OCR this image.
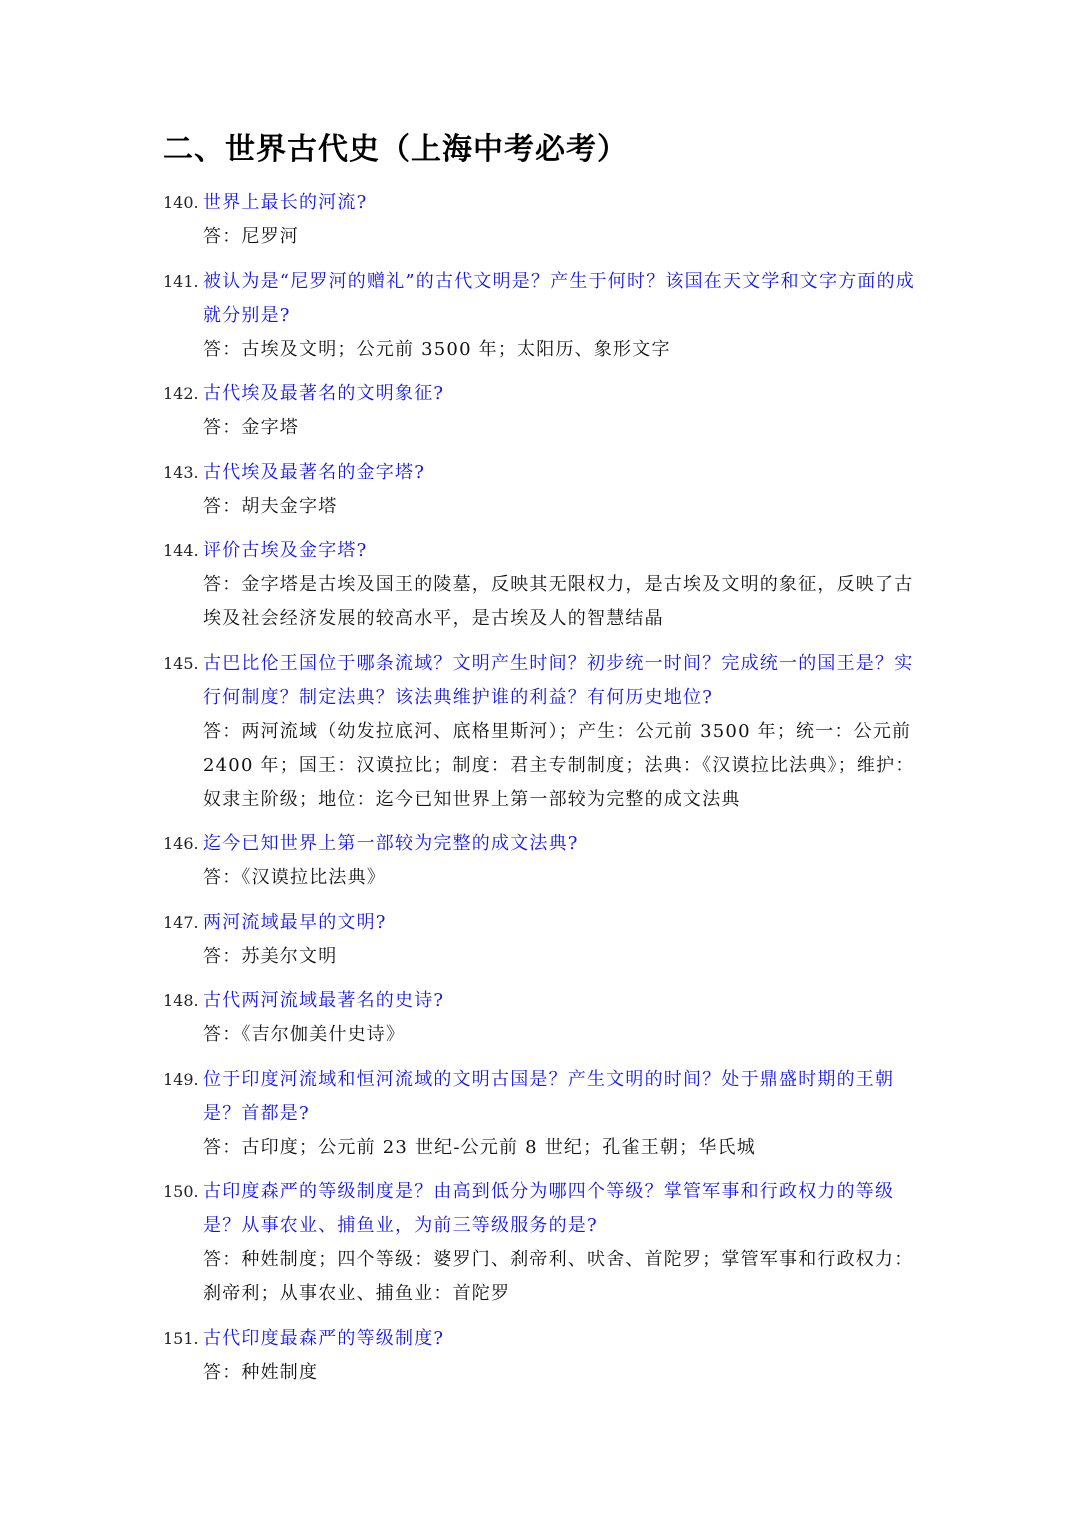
二、世界古代史（上海中考必考）
140. 世界上最长的河流?
答：尼罗河
141. 被认为是“尼罗河的赠礼”的古代文明是？产生于何时？该国在天文学和文字方面的成就分别是?
答：古埃及文明；公元前 3500 年；太阳历、象形文字
142. 古代埃及最著名的文明象征?
答：金字塔
143. 古代埃及最著名的金字塔?
答：胡夫金字塔
144. 评价古埃及金字塔?
答：金字塔是古埃及国王的陵墓，反映其无限权力，是古埃及文明的象征，反映了古埃及社会经济发展的较高水平，是古埃及人的智慧结晶
145. 古巴比伦王国位于哪条流域？文明产生时间？初步统一时间？完成统一的国王是？实行何制度？制定法典？该法典维护谁的利益？有何历史地位?
答：两河流域（幼发拉底河、底格里斯河）；产生：公元前 3500 年；统一：公元前 2400 年；国王：汉谟拉比；制度：君主专制制度；法典：《汉谟拉比法典》；维护：奴隶主阶级；地位：迄今已知世界上第一部较为完整的成文法典
146. 迄今已知世界上第一部较为完整的成文法典?
答：《汉谟拉比法典》
147. 两河流域最早的文明?
答：苏美尔文明
148. 古代两河流域最著名的史诗?
答：《吉尔伽美什史诗》
149. 位于印度河流域和恒河流域的文明古国是？产生文明的时间？处于鼎盛时期的王朝是？首都是?
答：古印度；公元前 23 世纪-公元前 8 世纪；孔雀王朝；华氏城
150. 古印度森严的等级制度是？由高到低分为哪四个等级？掌管军事和行政权力的等级是？从事农业、捕鱼业，为前三等级服务的是?
答：种姓制度；四个等级：婆罗门、刹帝利、吠舍、首陀罗；掌管军事和行政权力：刹帝利；从事农业、捕鱼业：首陀罗
151. 古代印度最森严的等级制度?
答：种姓制度
